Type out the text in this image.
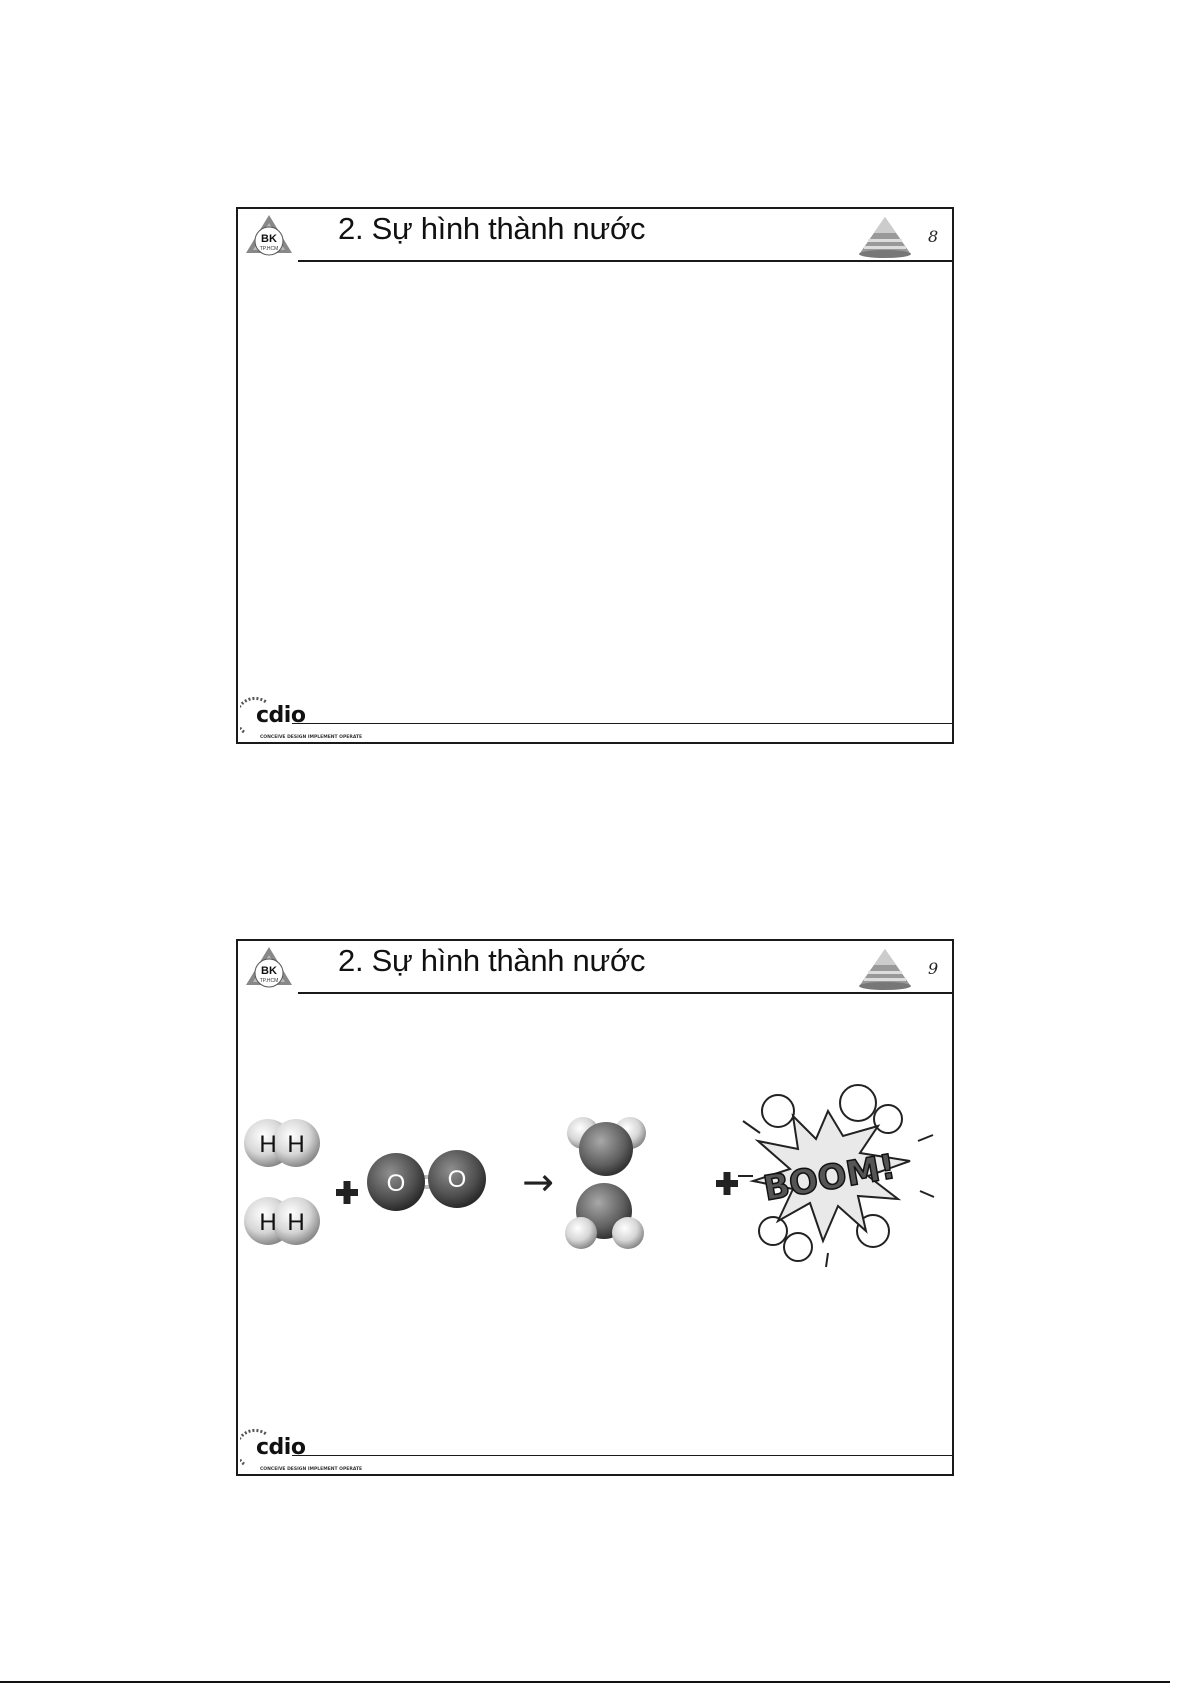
BK
TP.HCM
2. Sự hình thành nước	8
cdio
CONCEIVE DESIGN IMPLEMENT OPERATE
BK
TP.HCM
2. Sự hình thành nước	9
H H
H H
O O →	BOOM!
cdio
CONCEIVE DESIGN IMPLEMENT OPERATE
